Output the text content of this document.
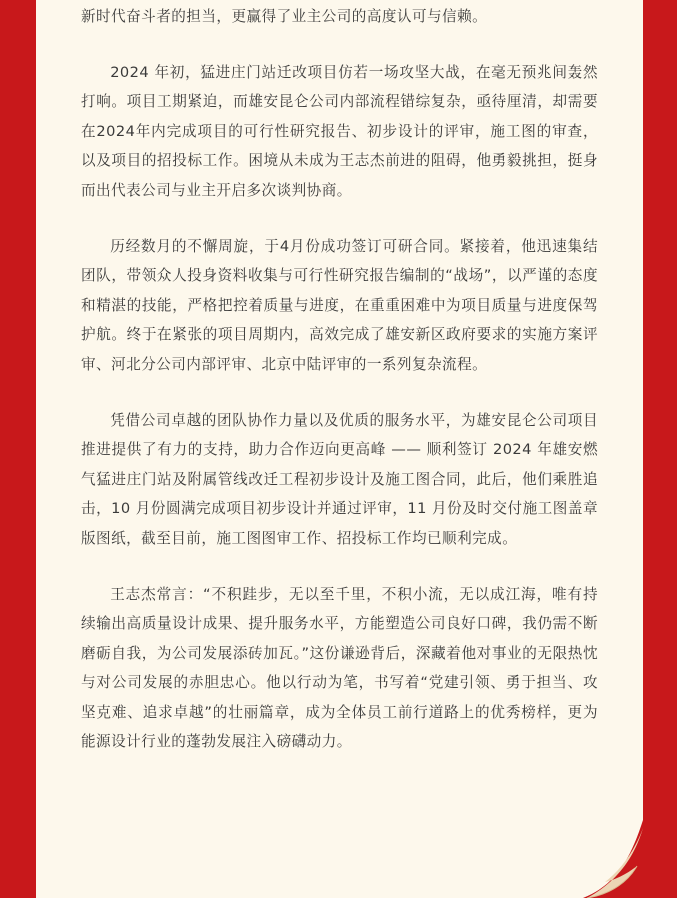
新时代奋斗者的担当，更赢得了业主公司的高度认可与信赖。

2024 年初，猛进庄门站迁改项目仿若一场攻坚大战，在毫无预兆间轰然打响。项目工期紧迫，而雄安昆仑公司内部流程错综复杂，亟待厘清，却需要在2024年内完成项目的可行性研究报告、初步设计的评审，施工图的审查，以及项目的招投标工作。困境从未成为王志杰前进的阻碍，他勇毅挑担，挺身而出代表公司与业主开启多次谈判协商。

历经数月的不懈周旋，于4月份成功签订可研合同。紧接着，他迅速集结团队，带领众人投身资料收集与可行性研究报告编制的“战场”，以严谨的态度和精湛的技能，严格把控着质量与进度，在重重困难中为项目质量与进度保驾护航。终于在紧张的项目周期内，高效完成了雄安新区政府要求的实施方案评审、河北分公司内部评审、北京中陆评审的一系列复杂流程。

凭借公司卓越的团队协作力量以及优质的服务水平，为雄安昆仑公司项目推进提供了有力的支持，助力合作迈向更高峰 —— 顺利签订 2024 年雄安燃气猛进庄门站及附属管线改迁工程初步设计及施工图合同，此后，他们乘胜追击，10 月份圆满完成项目初步设计并通过评审，11 月份及时交付施工图盖章版图纸，截至目前，施工图图审工作、招投标工作均已顺利完成。

王志杰常言：“不积跬步，无以至千里，不积小流，无以成江海，唯有持续输出高质量设计成果、提升服务水平，方能塑造公司良好口碑，我仍需不断磨砺自我，为公司发展添砖加瓦。”这份谦逊背后，深藏着他对事业的无限热忱与对公司发展的赤胆忠心。他以行动为笔，书写着“党建引领、勇于担当、攻坚克难、追求卓越”的壮丽篇章，成为全体员工前行道路上的优秀榜样，更为能源设计行业的蓬勃发展注入磅礴动力。
